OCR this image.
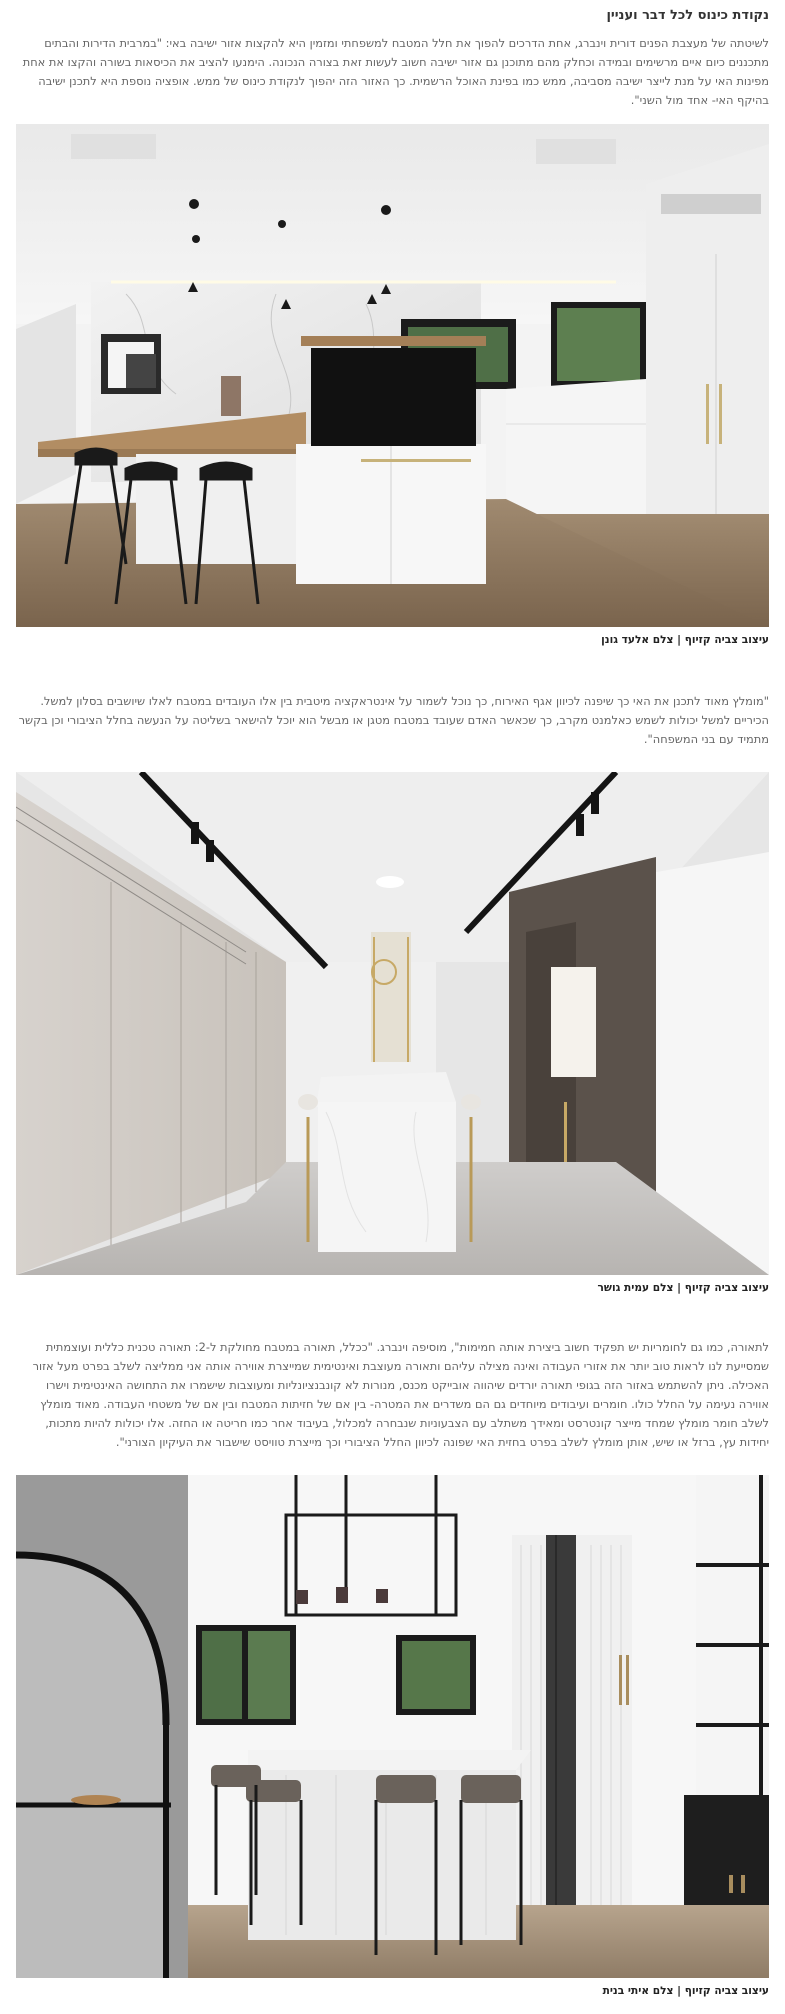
נקודת כינוס לכל דבר ועניין

לשיטתה של מעצבת הפנים דורית וינברג, אחת הדרכים להפוך את חלל המטבח למשפחתי ומזמין היא להקצות אזור ישיבה באי: "במרבית הדירות והבתים מתכננים כיום איים מרשימים ובמידה וכחלק מהם מתוכנן גם אזור ישיבה חשוב לעשות זאת בצורה הנכונה. הימנעו להציב את הכיסאות בשורה והקצו את אחת מפינות האי על מנת לייצר ישיבה מסביבה, ממש כמו בפינת האוכל הרשמית. כך האזור הזה יהפוך לנקודת כינוס של ממש. אופציה נוספת היא לתכנן ישיבה בהיקף האי- אחד מול השני".

עיצוב צביה קזיוף | צלם אלעד גונן

"מומלץ מאוד לתכנן את האי כך שיפנה לכיוון אגף האירוח, כך נוכל לשמור על אינטראקציה מיטבית בין אלו העובדים במטבח לאלו שיושבים בסלון למשל. הכיריים למשל יכולות לשמש כאלמנט מקרב, כך שכאשר האדם שעובד במטבח מטגן או מבשל הוא יוכל להישאר בשליטה על הנעשה בחלל הציבורי וכן בקשר מתמיד עם בני המשפחה".

עיצוב צביה קזיוף | צלם עמית גושר

לתאורה, כמו גם לחומריות יש תפקיד חשוב ביצירת אותה חמימות", מוסיפה וינברג. "ככלל, תאורה במטבח מחולקת ל-2: תאורה טכנית כללית ועוצמתית שמסייעת לנו לראות טוב יותר את אזורי העבודה ואינה מצילה עליהם ותאורה מעוצבת ואינטימית שמייצרת אווירה אותה אני ממליצה לשלב בפרט מעל אזור האכילה. ניתן להשתמש באזור הזה בגופי תאורה יורדים שיהווה אובייקט מכנס, מנורות לא קונבנציונליות ומעוצבות שישמרו את התחושה האינטימית וישרו אווירה נעימה על החלל כולו. חומרים ועיבודים מיוחדים גם הם משדרים את המטרה- בין אם של חזיתות המטבח ובין אם של משטחי העבודה. מאוד מומלץ לשלב חומר מומלץ שמחד מייצר קונטרסט ומאידך משתלב עם הצבעוניות שנבחרה למכלול, בעיבוד אחר כמו חריטה או החזה. אלו יכולות להיות מתכות, יחידות עץ, ברזל או שיש, אותן מומלץ לשלב בפרט בחזית האי שפונה לכיוון החלל הציבורי וכך מייצרת טוויסט שישבור את העיקיון הצורני".

עיצוב צביה קזיוף | צלם איתי בנית
